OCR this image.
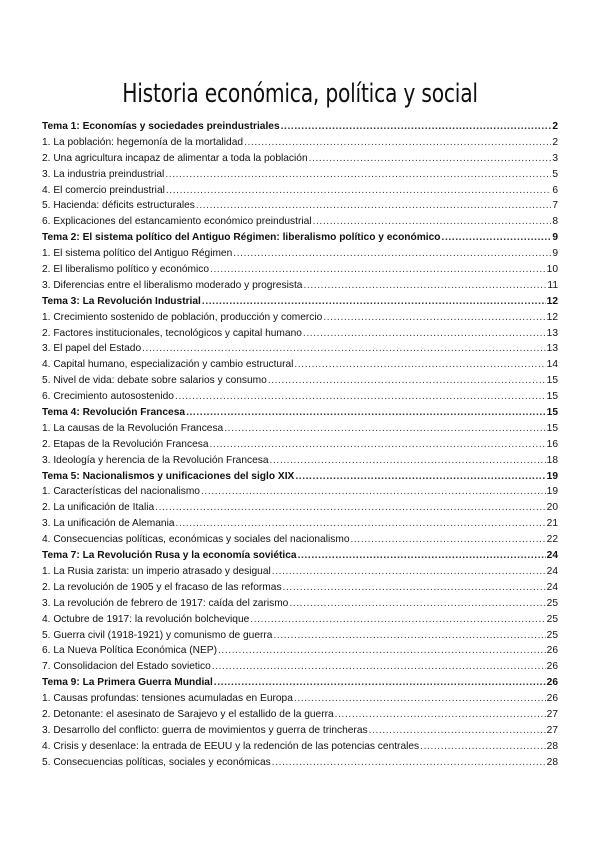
Historia económica, política y social
Tema 1: Economías y sociedades preindustriales .....	2
1. La población: hegemonía de la mortalidad .....	2
2. Una agricultura incapaz de alimentar a toda la población .....	3
3. La industria preindustrial .....	5
4. El comercio preindustrial .....	6
5. Hacienda: déficits estructurales .....	7
6. Explicaciones del estancamiento económico preindustrial .....	8
Tema 2: El sistema político del Antiguo Régimen: liberalismo político y económico .....	9
1. El sistema político del Antiguo Régimen .....	9
2. El liberalismo político y económico .....	10
3. Diferencias entre el liberalismo moderado y progresista .....	11
Tema 3: La Revolución Industrial .....	12
1. Crecimiento sostenido de población, producción y comercio .....	12
2. Factores institucionales, tecnológicos y capital humano .....	13
3. El papel del Estado .....	13
4. Capital humano, especialización y cambio estructural .....	14
5. Nivel de vida: debate sobre salarios y consumo .....	15
6. Crecimiento autosostenido .....	15
Tema 4: Revolución Francesa .....	15
1. La causas de la Revolución Francesa .....	15
2. Etapas de la Revolución Francesa .....	16
3. Ideología y herencia de la Revolución Francesa .....	18
Tema 5: Nacionalismos y unificaciones del siglo XIX .....	19
1. Características del nacionalismo .....	19
2. La unificación de Italia .....	20
3. La unificación de Alemania .....	21
4. Consecuencias políticas, económicas y sociales del nacionalismo .....	22
Tema 7: La Revolución Rusa y la economía soviética .....	24
1. La Rusia zarista: un imperio atrasado y desigual .....	24
2. La revolución de 1905 y el fracaso de las reformas .....	24
3. La revolución de febrero de 1917: caída del zarismo .....	25
4. Octubre de 1917: la revolución bolchevique .....	25
5. Guerra civil (1918-1921) y comunismo de guerra .....	25
6. La Nueva Política Económica (NEP) .....	26
7. Consolidacion del Estado sovietico .....	26
Tema 9: La Primera Guerra Mundial .....	26
1. Causas profundas: tensiones acumuladas en Europa .....	26
2. Detonante: el asesinato de Sarajevo y el estallido de la guerra .....	27
3. Desarrollo del conflicto: guerra de movimientos y guerra de trincheras .....	27
4. Crisis y desenlace: la entrada de EEUU y la redención de las potencias centrales .....	28
5. Consecuencias políticas, sociales y económicas .....	28
